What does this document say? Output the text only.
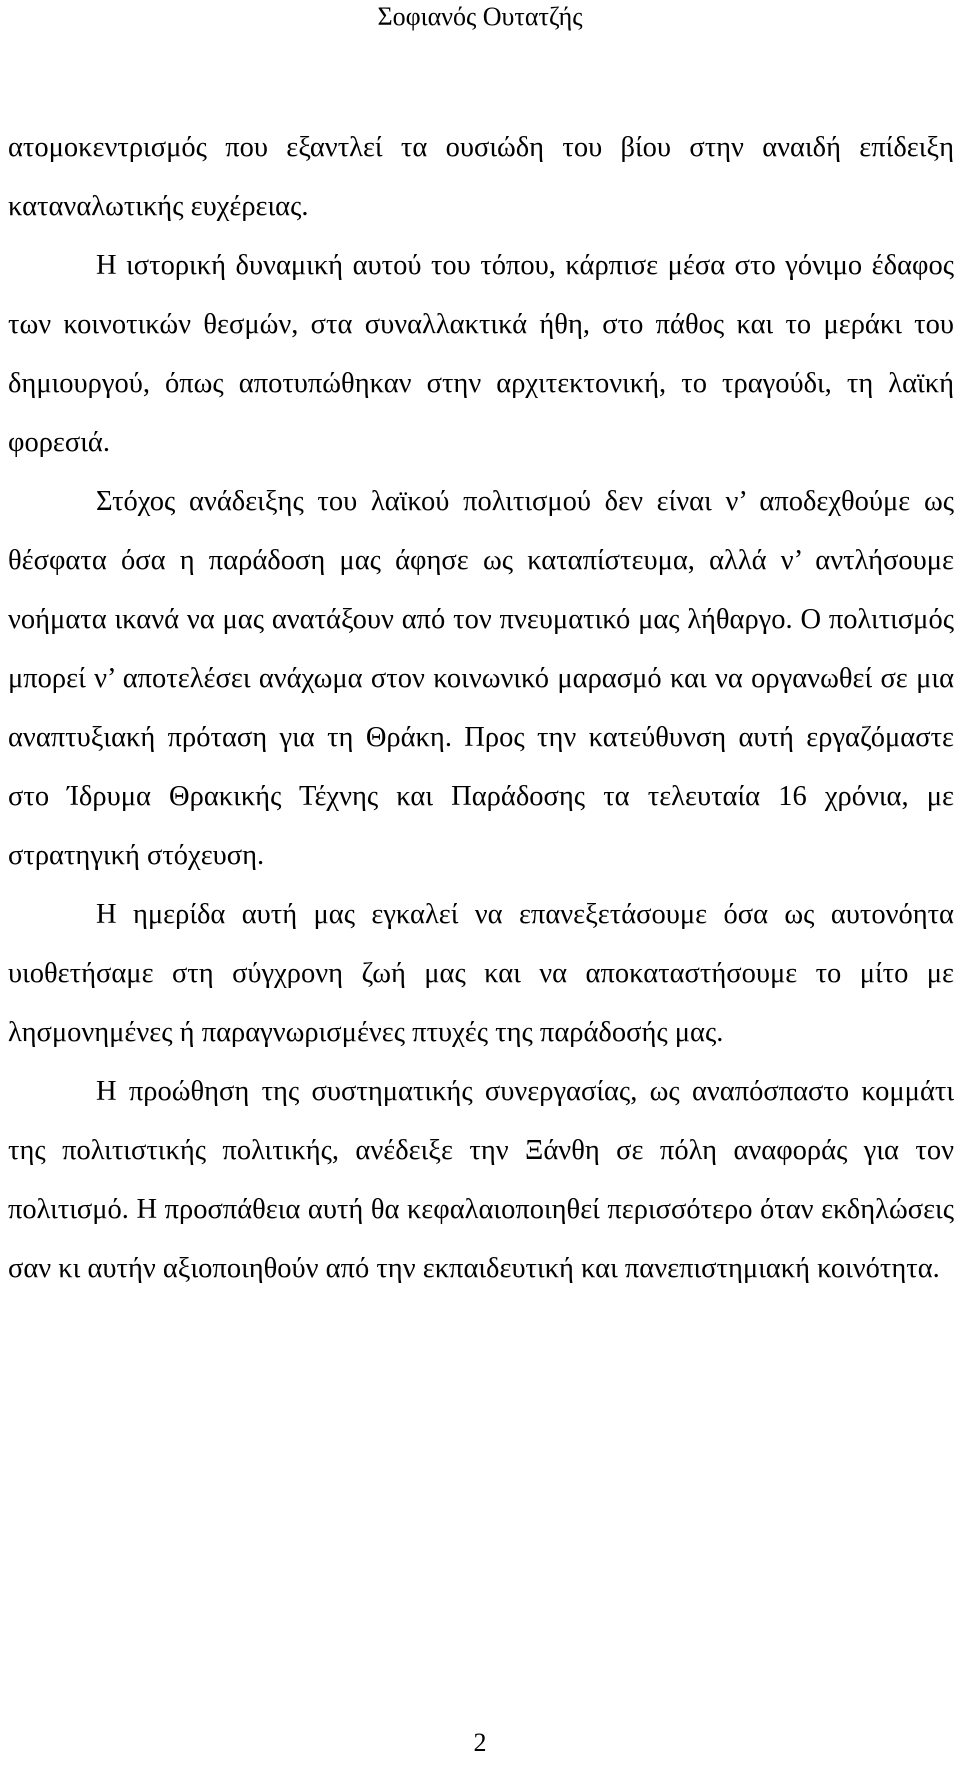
Σοφιανός Ουτατζής

ατομοκεντρισμός που εξαντλεί τα ουσιώδη του βίου στην αναιδή επίδειξη καταναλωτικής ευχέρειας.

Η ιστορική δυναμική αυτού του τόπου, κάρπισε μέσα στο γόνιμο έδαφος των κοινοτικών θεσμών, στα συναλλακτικά ήθη, στο πάθος και το μεράκι του δημιουργού, όπως αποτυπώθηκαν στην αρχιτεκτονική, το τραγούδι, τη λαϊκή φορεσιά.

Στόχος ανάδειξης του λαϊκού πολιτισμού δεν είναι ν’ αποδεχθούμε ως θέσφατα όσα η παράδοση μας άφησε ως καταπίστευμα, αλλά ν’ αντλήσουμε νοήματα ικανά να μας ανατάξουν από τον πνευματικό μας λήθαργο. Ο πολιτισμός μπορεί ν’ αποτελέσει ανάχωμα στον κοινωνικό μαρασμό και να οργανωθεί σε μια αναπτυξιακή πρόταση για τη Θράκη. Προς την κατεύθυνση αυτή εργαζόμαστε στο Ίδρυμα Θρακικής Τέχνης και Παράδοσης τα τελευταία 16 χρόνια, με στρατηγική στόχευση.

Η ημερίδα αυτή μας εγκαλεί να επανεξετάσουμε όσα ως αυτονόητα υιοθετήσαμε στη σύγχρονη ζωή μας και να αποκαταστήσουμε το μίτο με λησμονημένες ή παραγνωρισμένες πτυχές της παράδοσής μας.

Η προώθηση της συστηματικής συνεργασίας, ως αναπόσπαστο κομμάτι της πολιτιστικής πολιτικής, ανέδειξε την Ξάνθη σε πόλη αναφοράς για τον πολιτισμό. Η προσπάθεια αυτή θα κεφαλαιοποιηθεί περισσότερο όταν εκδηλώσεις σαν κι αυτήν αξιοποιηθούν από την εκπαιδευτική και πανεπιστημιακή κοινότητα.

2
